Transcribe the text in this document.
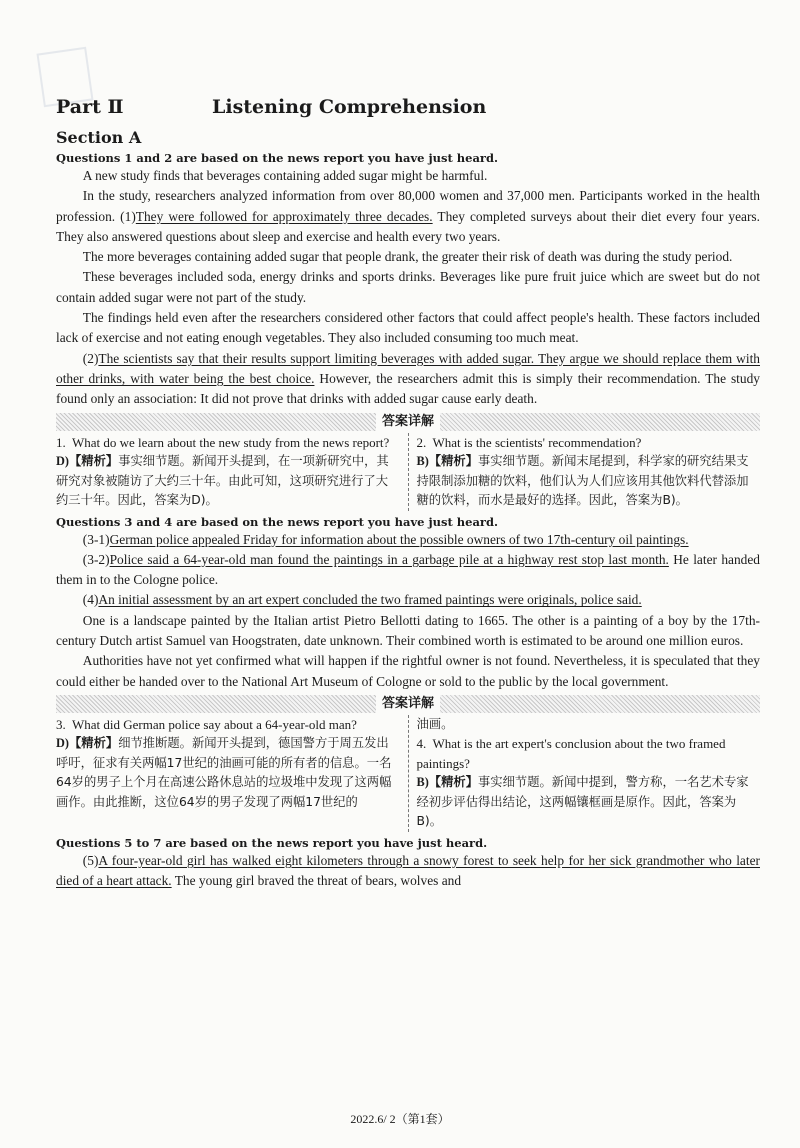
Part Ⅱ	Listening Comprehension
Section A

Questions 1 and 2 are based on the news report you have just heard.

A new study finds that beverages containing added sugar might be harmful.

In the study, researchers analyzed information from over 80,000 women and 37,000 men. Participants worked in the health profession. (1)They were followed for approximately three decades. They completed surveys about their diet every four years. They also answered questions about sleep and exercise and health every two years.

The more beverages containing added sugar that people drank, the greater their risk of death was during the study period.

These beverages included soda, energy drinks and sports drinks. Beverages like pure fruit juice which are sweet but do not contain added sugar were not part of the study.

The findings held even after the researchers considered other factors that could affect people's health. These factors included lack of exercise and not eating enough vegetables. They also included consuming too much meat.

(2)The scientists say that their results support limiting beverages with added sugar. They argue we should replace them with other drinks, with water being the best choice. However, the researchers admit this is simply their recommendation. The study found only an association: It did not prove that drinks with added sugar cause early death.

答案详解
1. What do we learn about the new study from the news report?
D)【精析】事实细节题。新闻开头提到，在一项新研究中，其研究对象被随访了大约三十年。由此可知，这项研究进行了大约三十年。因此，答案为D)。
2. What is the scientists' recommendation?
B)【精析】事实细节题。新闻末尾提到，科学家的研究结果支持限制添加糖的饮料，他们认为人们应该用其他饮料代替添加糖的饮料，而水是最好的选择。因此，答案为B)。

Questions 3 and 4 are based on the news report you have just heard.

(3-1)German police appealed Friday for information about the possible owners of two 17th-century oil paintings.

(3-2)Police said a 64-year-old man found the paintings in a garbage pile at a highway rest stop last month. He later handed them in to the Cologne police.

(4)An initial assessment by an art expert concluded the two framed paintings were originals, police said.

One is a landscape painted by the Italian artist Pietro Bellotti dating to 1665. The other is a painting of a boy by the 17th-century Dutch artist Samuel van Hoogstraten, date unknown. Their combined worth is estimated to be around one million euros.

Authorities have not yet confirmed what will happen if the rightful owner is not found. Nevertheless, it is speculated that they could either be handed over to the National Art Museum of Cologne or sold to the public by the local government.

答案详解
3. What did German police say about a 64-year-old man?
D)【精析】细节推断题。新闻开头提到，德国警方于周五发出呼吁，征求有关两幅17世纪的油画可能的所有者的信息。一名64岁的男子上个月在高速公路休息站的垃圾堆中发现了这两幅画作。由此推断，这位64岁的男子发现了两幅17世纪的
油画。
4. What is the art expert's conclusion about the two framed paintings?
B)【精析】事实细节题。新闻中提到，警方称，一名艺术专家经初步评估得出结论，这两幅镶框画是原作。因此，答案为B)。

Questions 5 to 7 are based on the news report you have just heard.

(5)A four-year-old girl has walked eight kilometers through a snowy forest to seek help for her sick grandmother who later died of a heart attack. The young girl braved the threat of bears, wolves and

2022.6/ 2（第1套）
